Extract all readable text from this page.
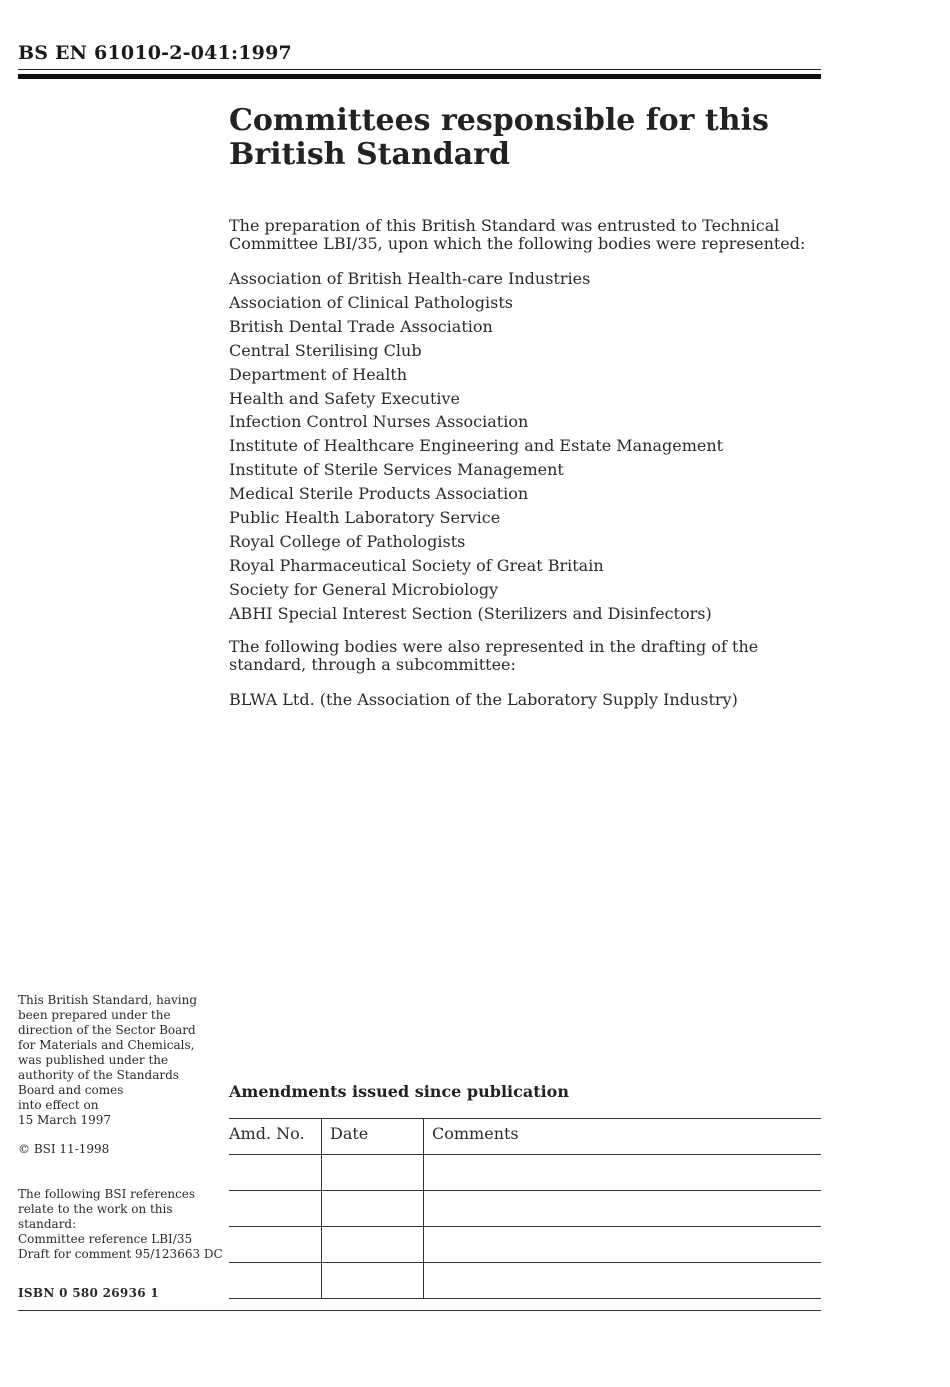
BS EN 61010-2-041:1997
Committees responsible for this
British Standard

The preparation of this British Standard was entrusted to Technical Committee LBI/35, upon which the following bodies were represented:

Association of British Health-care Industries
Association of Clinical Pathologists
British Dental Trade Association
Central Sterilising Club
Department of Health
Health and Safety Executive
Infection Control Nurses Association
Institute of Healthcare Engineering and Estate Management
Institute of Sterile Services Management
Medical Sterile Products Association
Public Health Laboratory Service
Royal College of Pathologists
Royal Pharmaceutical Society of Great Britain
Society for General Microbiology
ABHI Special Interest Section (Sterilizers and Disinfectors)

The following bodies were also represented in the drafting of the standard, through a subcommittee:

BLWA Ltd. (the Association of the Laboratory Supply Industry)

This British Standard, having
been prepared under the
direction of the Sector Board
for Materials and Chemicals,
was published under the
authority of the Standards
Board and comes
into effect on
15 March 1997

© BSI 11-1998

The following BSI references
relate to the work on this
standard:
Committee reference LBI/35
Draft for comment 95/123663 DC

ISBN 0 580 26936 1

Amendments issued since publication
Amd. No.	Date	Comments
